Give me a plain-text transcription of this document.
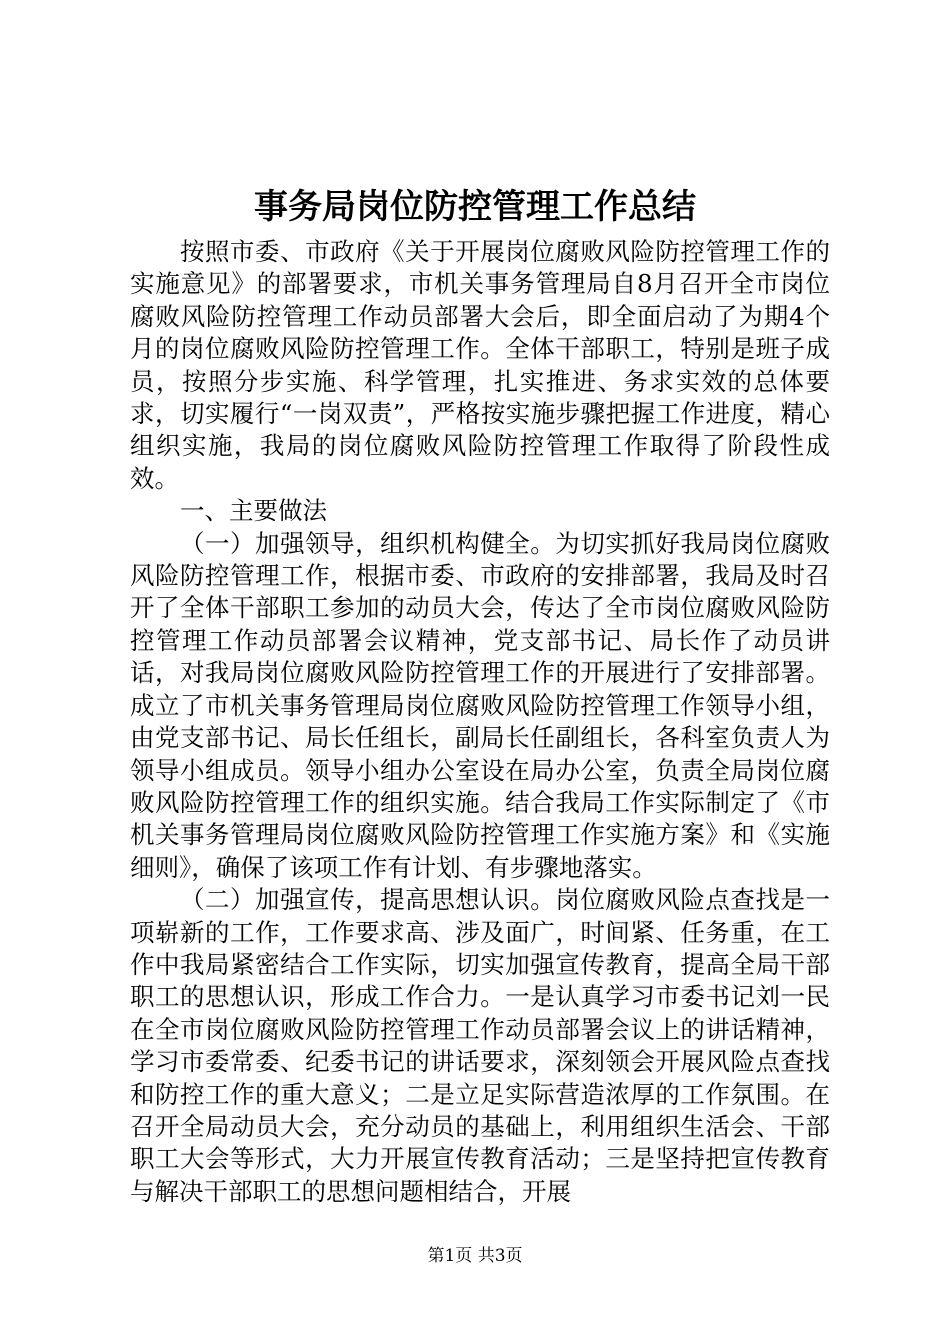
事务局岗位防控管理工作总结

按照市委、市政府《关于开展岗位腐败风险防控管理工作的实施意见》的部署要求，市机关事务管理局自8月召开全市岗位腐败风险防控管理工作动员部署大会后，即全面启动了为期4个月的岗位腐败风险防控管理工作。全体干部职工，特别是班子成员，按照分步实施、科学管理，扎实推进、务求实效的总体要求，切实履行“一岗双责”，严格按实施步骤把握工作进度，精心组织实施，我局的岗位腐败风险防控管理工作取得了阶段性成效。

一、主要做法

（一）加强领导，组织机构健全。为切实抓好我局岗位腐败风险防控管理工作，根据市委、市政府的安排部署，我局及时召开了全体干部职工参加的动员大会，传达了全市岗位腐败风险防控管理工作动员部署会议精神，党支部书记、局长作了动员讲话，对我局岗位腐败风险防控管理工作的开展进行了安排部署。成立了市机关事务管理局岗位腐败风险防控管理工作领导小组，由党支部书记、局长任组长，副局长任副组长，各科室负责人为领导小组成员。领导小组办公室设在局办公室，负责全局岗位腐败风险防控管理工作的组织实施。结合我局工作实际制定了《市机关事务管理局岗位腐败风险防控管理工作实施方案》和《实施细则》，确保了该项工作有计划、有步骤地落实。

（二）加强宣传，提高思想认识。岗位腐败风险点查找是一项崭新的工作，工作要求高、涉及面广，时间紧、任务重，在工作中我局紧密结合工作实际，切实加强宣传教育，提高全局干部职工的思想认识，形成工作合力。一是认真学习市委书记刘一民在全市岗位腐败风险防控管理工作动员部署会议上的讲话精神，学习市委常委、纪委书记的讲话要求，深刻领会开展风险点查找和防控工作的重大意义；二是立足实际营造浓厚的工作氛围。在召开全局动员大会，充分动员的基础上，利用组织生活会、干部职工大会等形式，大力开展宣传教育活动；三是坚持把宣传教育与解决干部职工的思想问题相结合，开展

第1页 共3页
